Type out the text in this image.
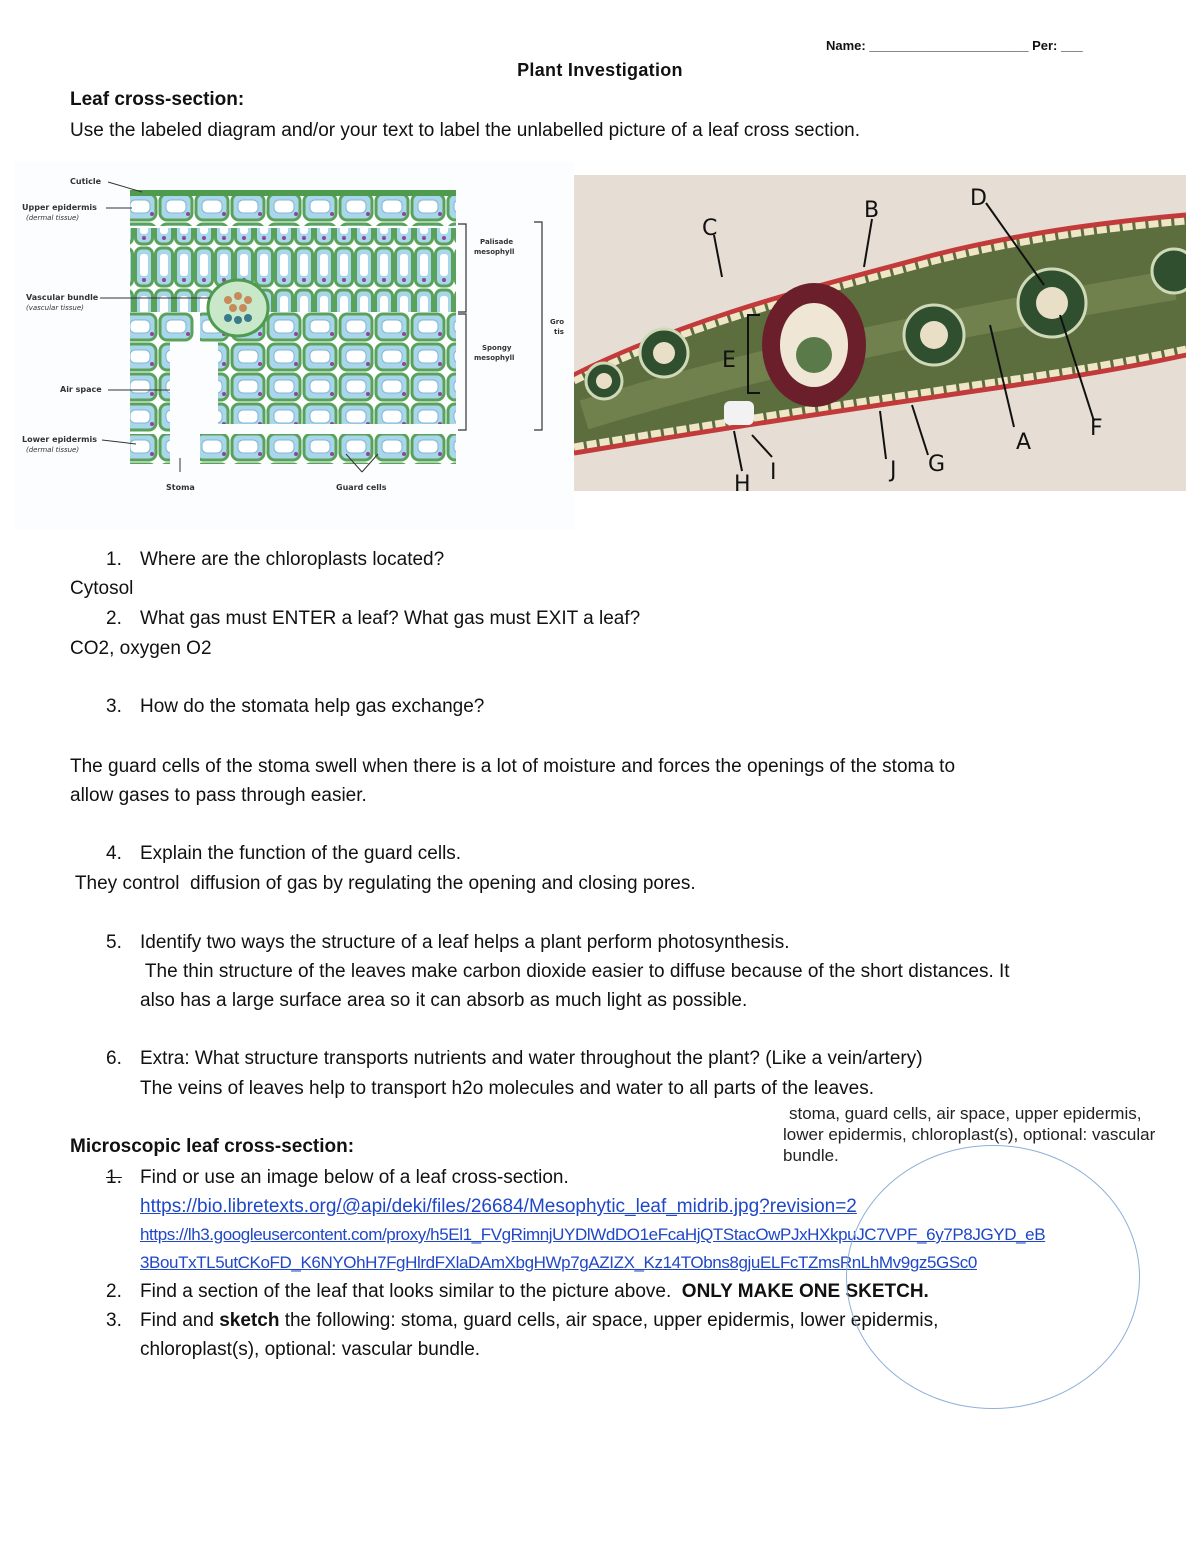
Name: ______________________ Per: ___
Plant Investigation
Leaf cross-section:
Use the labeled diagram and/or your text to label the unlabelled picture of a leaf cross section.
Cuticle
Upper epidermis
(dermal tissue)
Vascular bundle
(vascular tissue)
Air space
Lower epidermis
(dermal tissue)
Stoma	Guard cells
Palisade
mesophyll
Spongy
mesophyll
Gro
tis
A
B
C
D
E
F
G
H I	J
1. Where are the chloroplasts located?
Cytosol
2. What gas must ENTER a leaf? What gas must EXIT a leaf?
CO2, oxygen O2
3. How do the stomata help gas exchange?
The guard cells of the stoma swell when there is a lot of moisture and forces the openings of the stoma to
allow gases to pass through easier.
4. Explain the function of the guard cells.
They control  diffusion of gas by regulating the opening and closing pores.
5. Identify two ways the structure of a leaf helps a plant perform photosynthesis.
The thin structure of the leaves make carbon dioxide easier to diffuse because of the short distances. It
also has a large surface area so it can absorb as much light as possible.
6. Extra: What structure transports nutrients and water throughout the plant? (Like a vein/artery)
The veins of leaves help to transport h2o molecules and water to all parts of the leaves.
stoma, guard cells, air space, upper epidermis,
lower epidermis, chloroplast(s), optional: vascular
bundle.
Microscopic leaf cross-section:
1. Find or use an image below of a leaf cross-section.
https://bio.libretexts.org/@api/deki/files/26684/Mesophytic_leaf_midrib.jpg?revision=2
https://lh3.googleusercontent.com/proxy/h5El1_FVgRimnjUYDlWdDO1eFcaHjQTStacOwPJxHXkpuJC7VPF_6y7P8JGYD_eB
3BouTxTL5utCKoFD_K6NYOhH7FgHlrdFXlaDAmXbgHWp7gAZIZX_Kz14TObns8gjuELFcTZmsRnLhMv9gz5GSc0
2. Find a section of the leaf that looks similar to the picture above. ONLY MAKE ONE SKETCH.
3. Find and sketch the following: stoma, guard cells, air space, upper epidermis, lower epidermis,
chloroplast(s), optional: vascular bundle.
